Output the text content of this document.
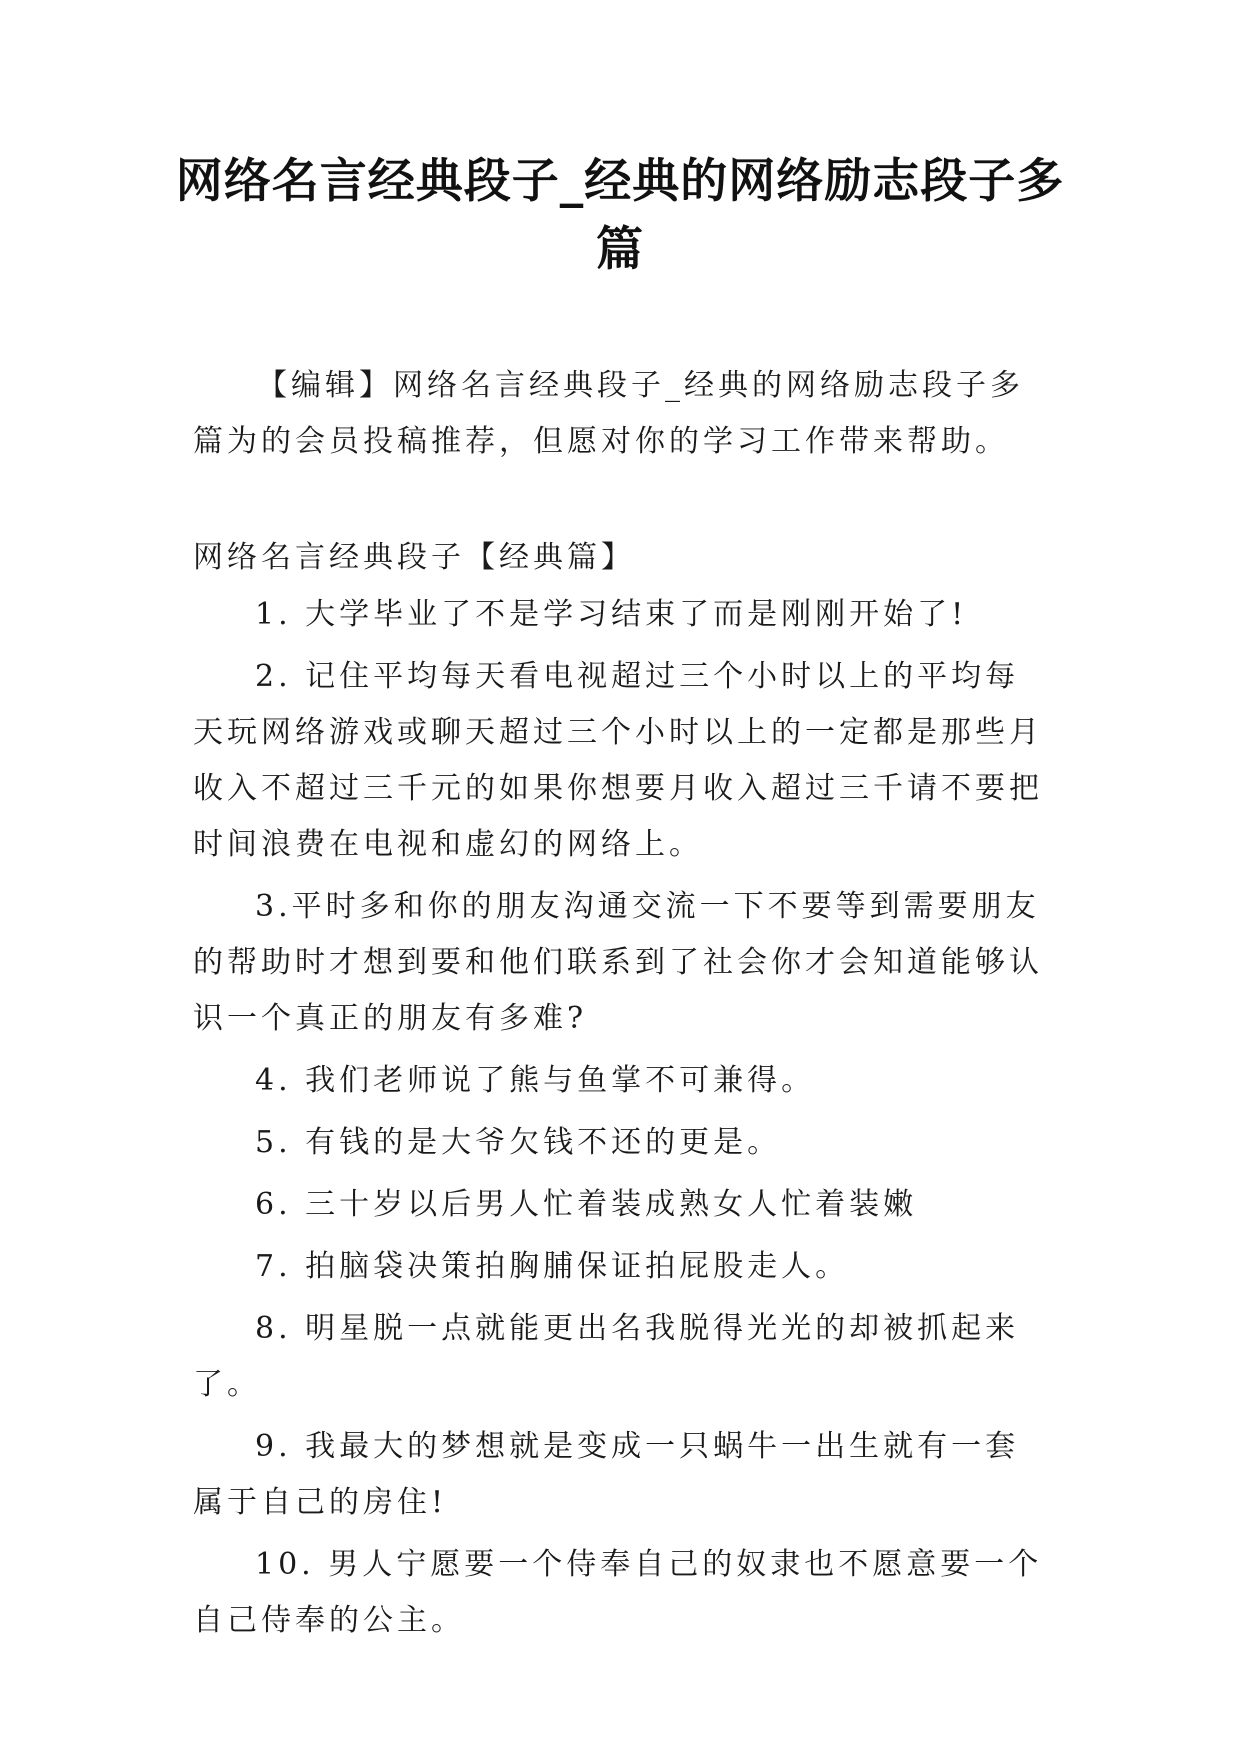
网络名言经典段子_经典的网络励志段子多
篇

【编辑】网络名言经典段子_经典的网络励志段子多篇为的会员投稿推荐，但愿对你的学习工作带来帮助。

网络名言经典段子【经典篇】

1. 大学毕业了不是学习结束了而是刚刚开始了!
2. 记住平均每天看电视超过三个小时以上的平均每天玩网络游戏或聊天超过三个小时以上的一定都是那些月收入不超过三千元的如果你想要月收入超过三千请不要把时间浪费在电视和虚幻的网络上。
3.平时多和你的朋友沟通交流一下不要等到需要朋友的帮助时才想到要和他们联系到了社会你才会知道能够认识一个真正的朋友有多难?
4. 我们老师说了熊与鱼掌不可兼得。
5. 有钱的是大爷欠钱不还的更是。
6. 三十岁以后男人忙着装成熟女人忙着装嫩
7. 拍脑袋决策拍胸脯保证拍屁股走人。
8. 明星脱一点就能更出名我脱得光光的却被抓起来了。
9. 我最大的梦想就是变成一只蜗牛一出生就有一套属于自己的房住!
10. 男人宁愿要一个侍奉自己的奴隶也不愿意要一个自己侍奉的公主。
